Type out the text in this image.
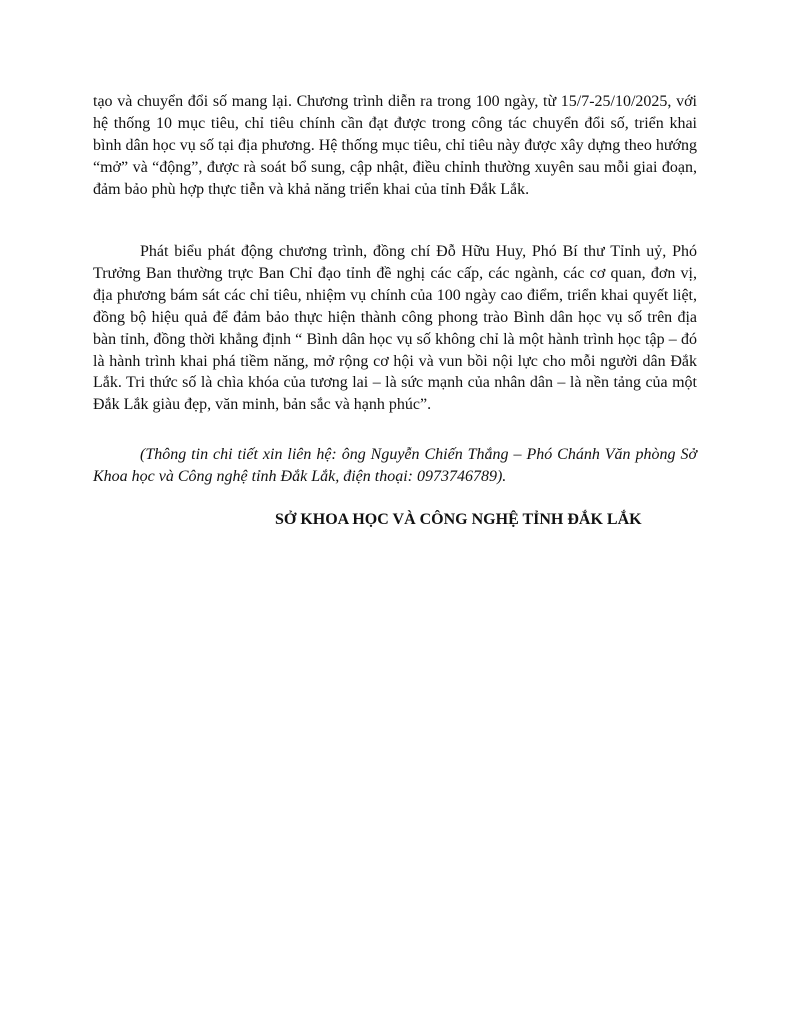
tạo và chuyển đổi số mang lại. Chương trình diễn ra trong 100 ngày, từ 15/7-25/10/2025, với hệ thống 10 mục tiêu, chỉ tiêu chính cần đạt được trong công tác chuyển đổi số, triển khai bình dân học vụ số tại địa phương. Hệ thống mục tiêu, chỉ tiêu này được xây dựng theo hướng “mở” và “động”, được rà soát bổ sung, cập nhật, điều chỉnh thường xuyên sau mỗi giai đoạn, đảm bảo phù hợp thực tiễn và khả năng triển khai của tỉnh Đắk Lắk.

Phát biểu phát động chương trình, đồng chí Đỗ Hữu Huy, Phó Bí thư Tỉnh uỷ, Phó Trưởng Ban thường trực Ban Chỉ đạo tỉnh đề nghị các cấp, các ngành, các cơ quan, đơn vị, địa phương bám sát các chỉ tiêu, nhiệm vụ chính của 100 ngày cao điểm, triển khai quyết liệt, đồng bộ hiệu quả để đảm bảo thực hiện thành công phong trào Bình dân học vụ số trên địa bàn tỉnh, đồng thời khẳng định “ Bình dân học vụ số không chỉ là một hành trình học tập – đó là hành trình khai phá tiềm năng, mở rộng cơ hội và vun bồi nội lực cho mỗi người dân Đắk Lắk. Tri thức số là chìa khóa của tương lai – là sức mạnh của nhân dân – là nền tảng của một Đắk Lắk giàu đẹp, văn minh, bản sắc và hạnh phúc”.

(Thông tin chi tiết xin liên hệ: ông Nguyễn Chiến Thắng – Phó Chánh Văn phòng Sở Khoa học và Công nghệ tỉnh Đắk Lắk, điện thoại: 0973746789).

SỞ KHOA HỌC VÀ CÔNG NGHỆ TỈNH ĐẮK LẮK
